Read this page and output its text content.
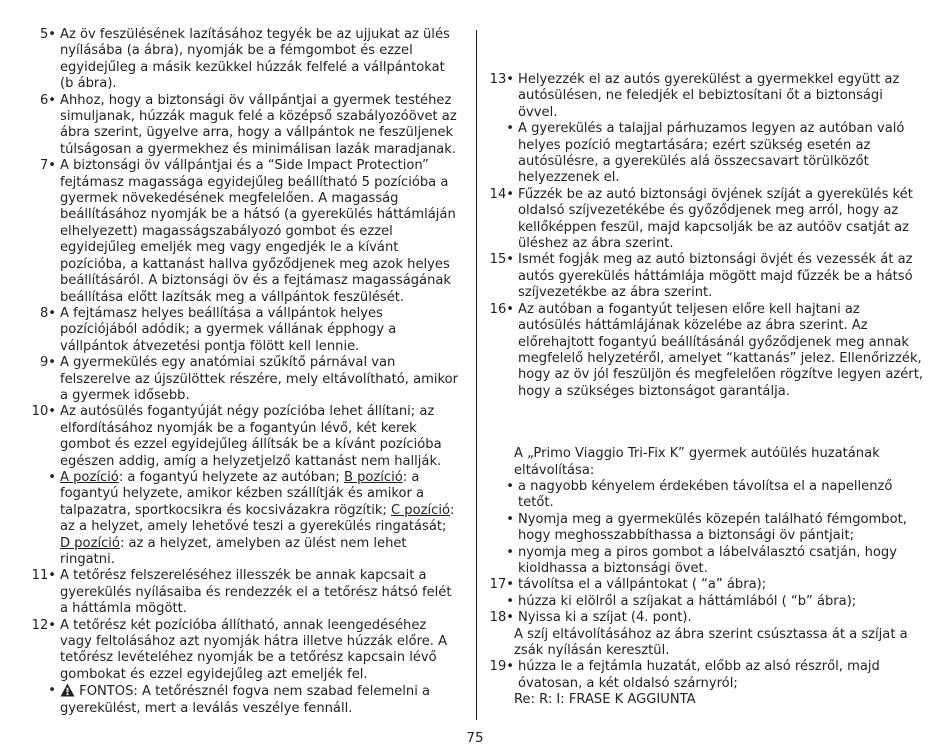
5• Az öv feszülésének lazításához tegyék be az ujjukat az ülés nyílásába (a ábra), nyomják be a fémgombot és ezzel egyidejűleg a másik kezükkel húzzák felfelé a vállpántokat (b ábra).
6• Ahhoz, hogy a biztonsági öv vállpántjai a gyermek testéhez simuljanak, húzzák maguk felé a középső szabályozóövet az ábra szerint, ügyelve arra, hogy a vállpántok ne feszüljenek túlságosan a gyermekhez és minimálisan lazák maradjanak.
7• A biztonsági öv vállpántjai és a “Side Impact Protection” fejtámasz magassága egyidejűleg beállítható 5 pozícióba a gyermek növekedésének megfelelően. A magasság beállításához nyomják be a hátsó (a gyerekülés háttámláján elhelyezett) magasságszabályozó gombot és ezzel egyidejűleg emeljék meg vagy engedjék le a kívánt pozícióba, a kattanást hallva győződjenek meg azok helyes beállításáról. A biztonsági öv és a fejtámasz magasságának beállítása előtt lazítsák meg a vállpántok feszülését.
8• A fejtámasz helyes beállítása a vállpántok helyes pozíciójából adódik; a gyermek vállának épphogy a vállpántok átvezetési pontja fölött kell lennie.
9• A gyermekülés egy anatómiai szűkítő párnával van felszerelve az újszülöttek részére, mely eltávolítható, amikor a gyermek idősebb.
10• Az autósülés fogantyúját négy pozícióba lehet állítani; az elfordításához nyomják be a fogantyún lévő, két kerek gombot és ezzel egyidejűleg állítsák be a kívánt pozícióba egészen addig, amíg a helyzetjelző kattanást nem hallják.
• A pozíció: a fogantyú helyzete az autóban; B pozíció: a fogantyú helyzete, amikor kézben szállítják és amikor a talpazatra, sportkocsikra és kocsivázakra rögzítik; C pozíció: az a helyzet, amely lehetővé teszi a gyerekülés ringatását; D pozíció: az a helyzet, amelyben az ülést nem lehet ringatni.
11• A tetőrész felszereléséhez illesszék be annak kapcsait a gyerekülés nyílásaiba és rendezzék el a tetőrész hátsó felét a háttámla mögött.
12• A tetőrész két pozícióba állítható, annak leengedéséhez vagy feltolásához azt nyomják hátra illetve húzzák előre. A tetőrész levételéhez nyomják be a tetőrész kapcsain lévő gombokat és ezzel egyidejűleg azt emeljék fel.
•	FONTOS: A tetőrésznél fogva nem szabad felemelni a gyerekülést, mert a leválás veszélye fennáll.
13• Helyezzék el az autós gyerekülést a gyermekkel együtt az autósülésen, ne feledjék el bebiztosítani őt a biztonsági övvel.
• A gyerekülés a talajjal párhuzamos legyen az autóban való helyes pozíció megtartására; ezért szükség esetén az autósülésre, a gyerekülés alá összecsavart törülközőt helyezzenek el.
14• Fűzzék be az autó biztonsági övjének szíját a gyerekülés két oldalsó szíjvezetékébe és győződjenek meg arról, hogy az kellőképpen feszül, majd kapcsolják be az autóöv csatját az üléshez az ábra szerint.
15• Ismét fogják meg az autó biztonsági övjét és vezessék át az autós gyerekülés háttámlája mögött majd fűzzék be a hátsó szíjvezetékbe az ábra szerint.
16• Az autóban a fogantyút teljesen előre kell hajtani az autósülés háttámlájának közelébe az ábra szerint. Az előrehajtott fogantyú beállításánál győződjenek meg annak megfelelő helyzetéről, amelyet “kattanás” jelez. Ellenőrizzék, hogy az öv jól feszüljön és megfelelően rögzítve legyen azért, hogy a szükséges biztonságot garantálja.

A „Primo Viaggio Tri-Fix K” gyermek autóülés huzatának eltávolítása:

• a nagyobb kényelem érdekében távolítsa el a napellenző tetőt.
• Nyomja meg a gyermekülés közepén található fémgombot, hogy meghosszabbíthassa a biztonsági öv pántjait;
• nyomja meg a piros gombot a lábelválasztó csatján, hogy kioldhassa a biztonsági övet.
17• távolítsa el a vállpántokat ( “a” ábra);
• húzza ki elölről a szíjakat a háttámlából ( “b” ábra);
18• Nyissa ki a szíjat (4. pont).

A szíj eltávolításához az ábra szerint csúsztassa át a szíjat a zsák nyílásán keresztül.

19• húzza le a fejtámla huzatát, előbb az alsó részről, majd óvatosan, a két oldalsó szárnyról;

Re: R: I: FRASE K AGGIUNTA

75
